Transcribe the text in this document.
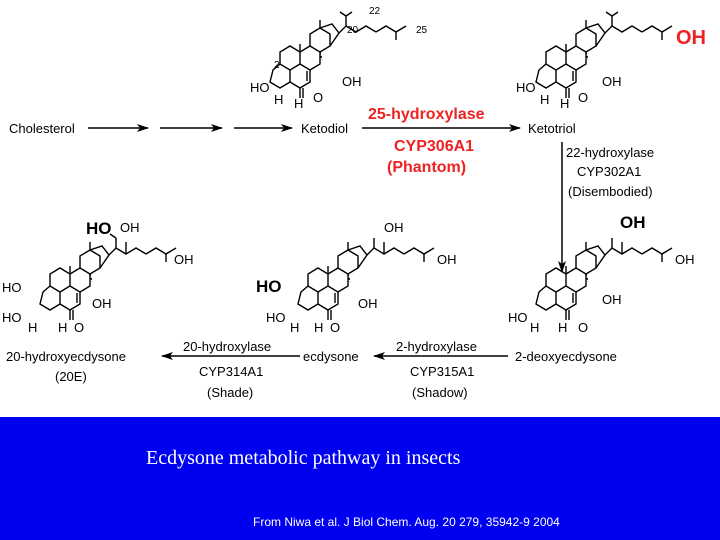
22
20	25
2
HO
H
OH
O
H
Ketodiol
OH
HO
H
OH
O
H
Ketotriol
OH
OH
HO
H
OH
O
H
2-deoxyecdysone
OH
OH
HO
HO
H
OH
O
H
ecdysone
HO OH
OH
HO
HO
H
OH
O
H
20-hydroxyecdysone
(20E)
Cholesterol
25-hydroxylase
CYP306A1
(Phantom)
22-hydroxylase
CYP302A1
(Disembodied)
2-hydroxylase
CYP315A1
(Shadow)
20-hydroxylase
CYP314A1
(Shade)
Ecdysone metabolic pathway in insects
From Niwa et al. J Biol Chem. Aug. 20 279, 35942-9 2004
